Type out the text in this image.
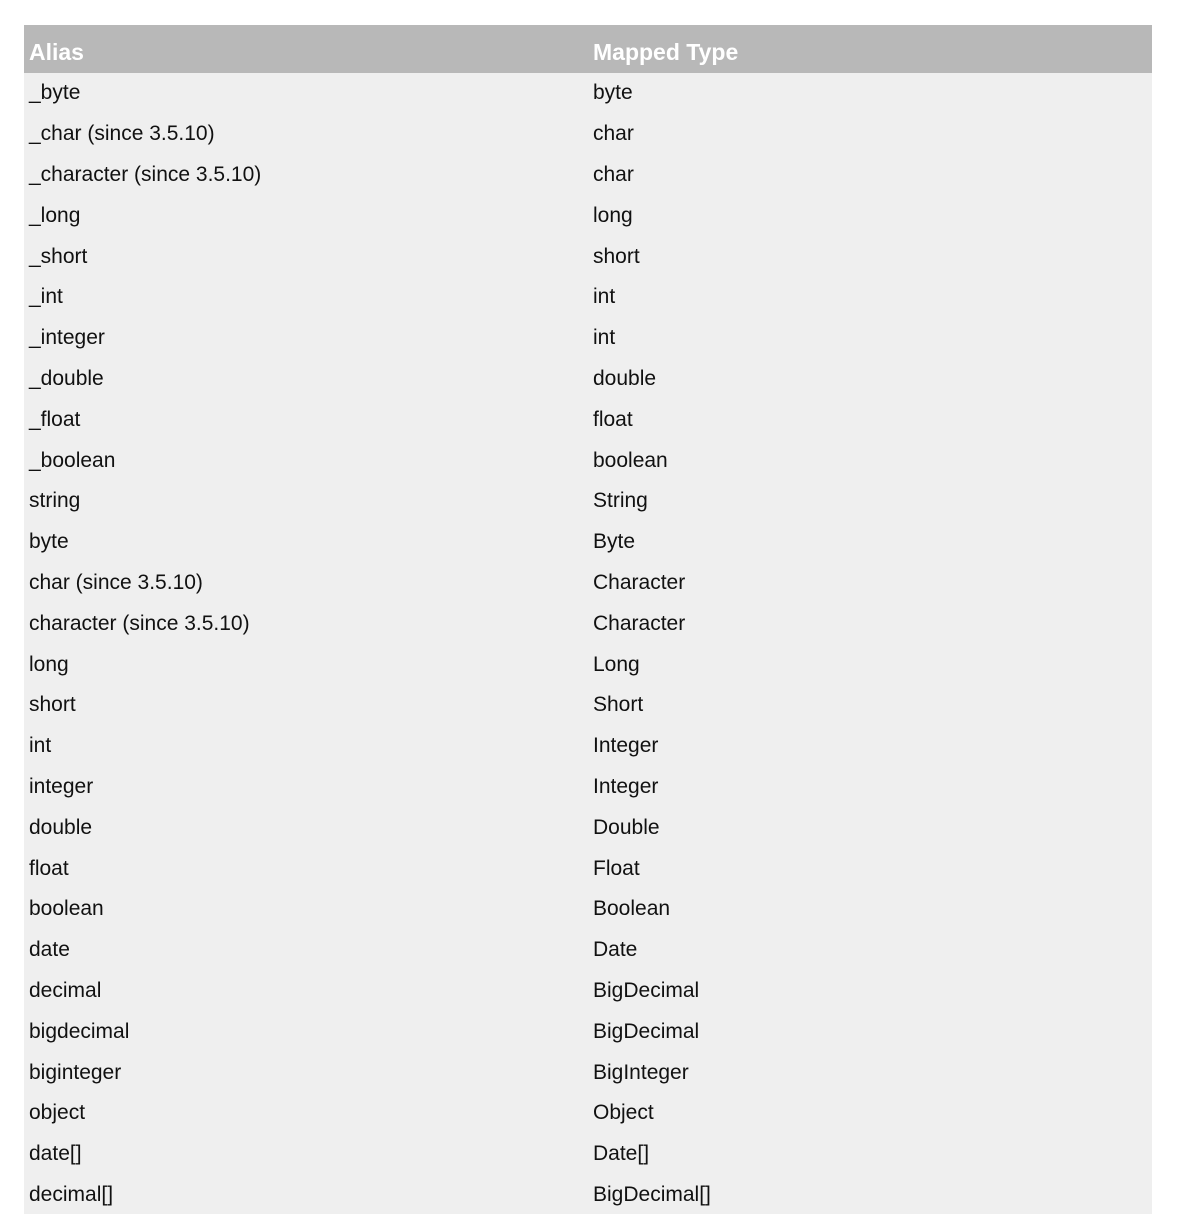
Alias	Mapped Type
_byte	byte
_char (since 3.5.10)	char
_character (since 3.5.10)	char
_long	long
_short	short
_int	int
_integer	int
_double	double
_float	float
_boolean	boolean
string	String
byte	Byte
char (since 3.5.10)	Character
character (since 3.5.10)	Character
long	Long
short	Short
int	Integer
integer	Integer
double	Double
float	Float
boolean	Boolean
date	Date
decimal	BigDecimal
bigdecimal	BigDecimal
biginteger	BigInteger
object	Object
date[]	Date[]
decimal[]	BigDecimal[]
